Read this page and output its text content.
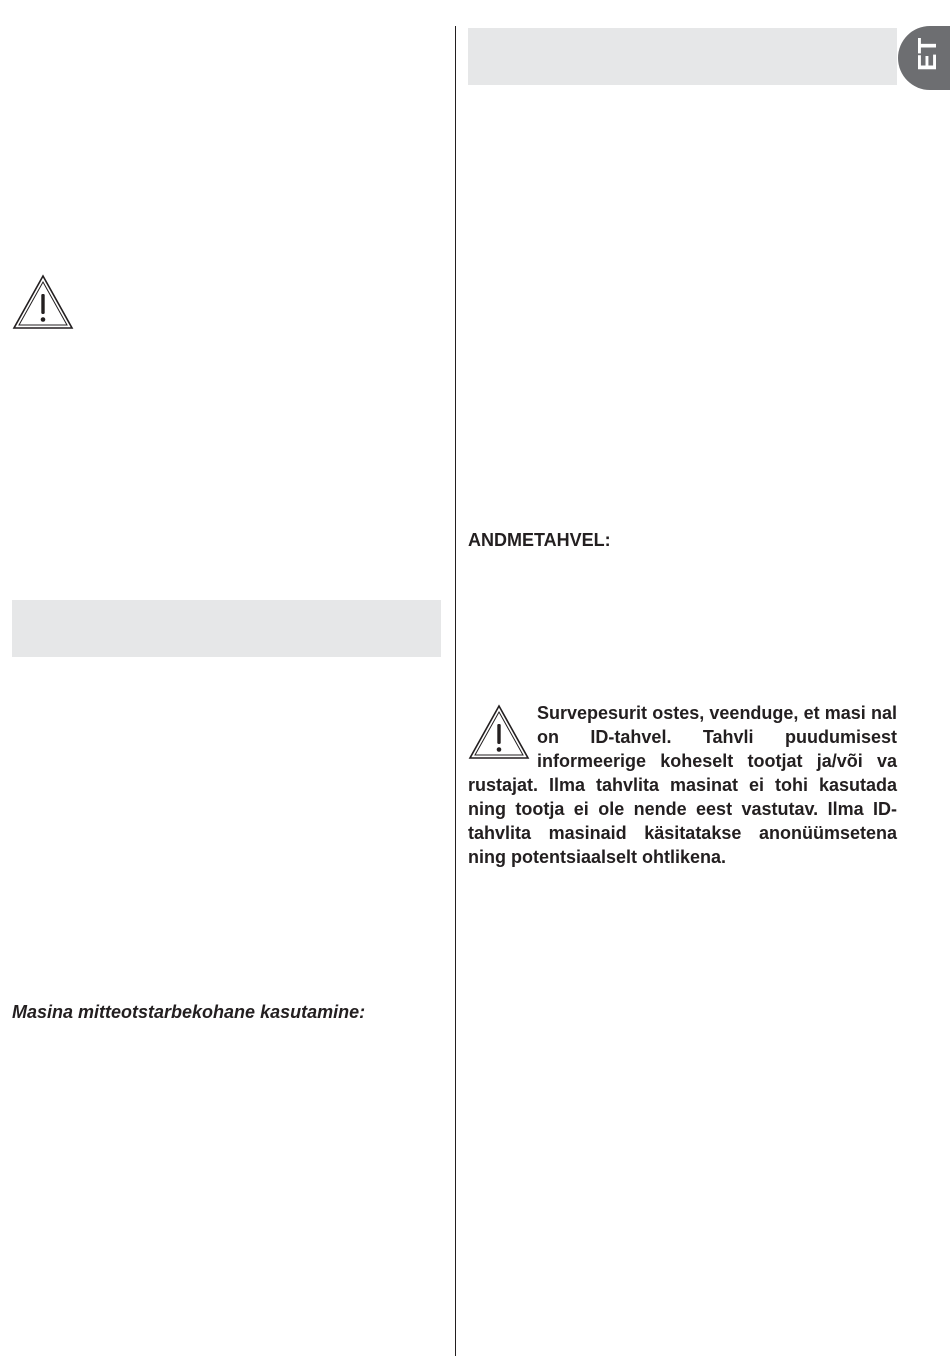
ET
Masina mitteotstarbekohane kasutamine:
ANDMETAHVEL:
Survepesurit ostes, veenduge, et masi nal on ID-tahvel. Tahvli puudumisest informeerige koheselt tootjat ja/või va rustajat. Ilma tahvlita masinat ei tohi kasutada ning tootja ei ole nende eest vastutav. Ilma ID-tahvlita masinaid käsitatakse anonüümsetena ning potentsiaalselt ohtlikena.
